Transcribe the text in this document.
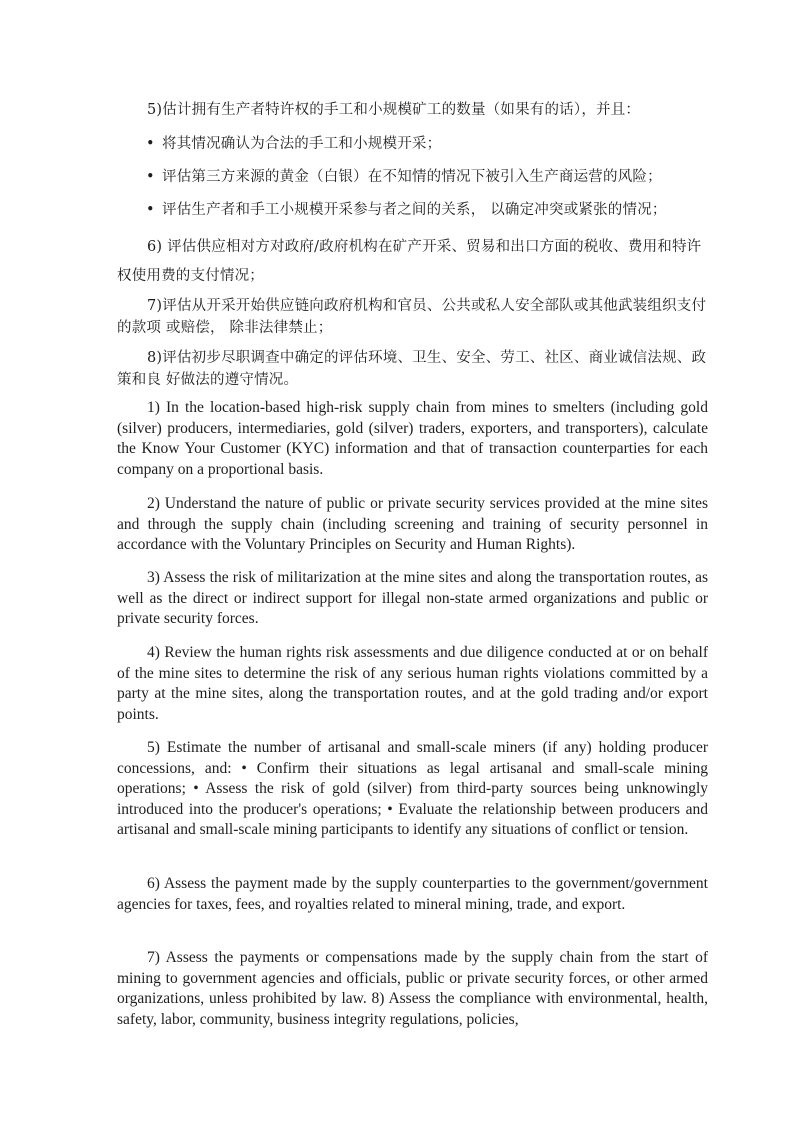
5)估计拥有生产者特许权的手工和小规模矿工的数量（如果有的话），并且：

• 将其情况确认为合法的手工和小规模开采；

• 评估第三方来源的黄金（白银）在不知情的情况下被引入生产商运营的风险；

• 评估生产者和手工小规模开采参与者之间的关系， 以确定冲突或紧张的情况；

6) 评估供应相对方对政府/政府机构在矿产开采、贸易和出口方面的税收、费用和特许权使用费的支付情况；

7)评估从开采开始供应链向政府机构和官员、公共或私人安全部队或其他武装组织支付的款项 或赔偿， 除非法律禁止；

8)评估初步尽职调查中确定的评估环境、卫生、安全、劳工、社区、商业诚信法规、政策和良 好做法的遵守情况。

1) In the location-based high-risk supply chain from mines to smelters (including gold (silver) producers, intermediaries, gold (silver) traders, exporters, and transporters), calculate the Know Your Customer (KYC) information and that of transaction counterparties for each company on a proportional basis.

2) Understand the nature of public or private security services provided at the mine sites and through the supply chain (including screening and training of security personnel in accordance with the Voluntary Principles on Security and Human Rights).

3) Assess the risk of militarization at the mine sites and along the transportation routes, as well as the direct or indirect support for illegal non-state armed organizations and public or private security forces.

4) Review the human rights risk assessments and due diligence conducted at or on behalf of the mine sites to determine the risk of any serious human rights violations committed by a party at the mine sites, along the transportation routes, and at the gold trading and/or export points.

5) Estimate the number of artisanal and small-scale miners (if any) holding producer concessions, and: • Confirm their situations as legal artisanal and small-scale mining operations; • Assess the risk of gold (silver) from third-party sources being unknowingly introduced into the producer's operations; • Evaluate the relationship between producers and artisanal and small-scale mining participants to identify any situations of conflict or tension.

6) Assess the payment made by the supply counterparties to the government/government agencies for taxes, fees, and royalties related to mineral mining, trade, and export.

7) Assess the payments or compensations made by the supply chain from the start of mining to government agencies and officials, public or private security forces, or other armed organizations, unless prohibited by law. 8) Assess the compliance with environmental, health, safety, labor, community, business integrity regulations, policies,
